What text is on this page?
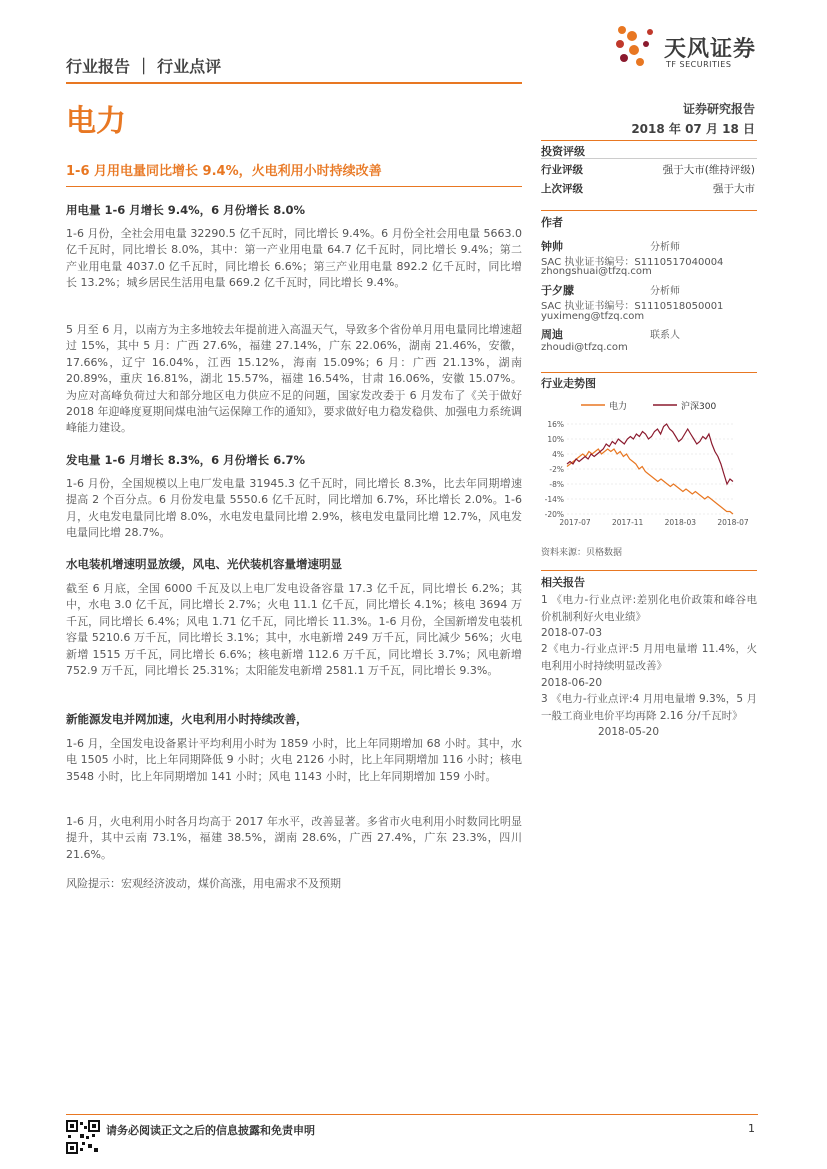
行业报告 ｜ 行业点评
天风证券
TF SECURITIES
电力	证券研究报告
2018 年 07 月 18 日
1-6 月用电量同比增长 9.4%，火电利用小时持续改善
用电量 1-6 月增长 9.4%，6 月份增长 8.0%
1-6 月份，全社会用电量 32290.5 亿千瓦时，同比增长 9.4%。6 月份全社会用电量 5663.0 亿千瓦时，同比增长 8.0%，其中：第一产业用电量 64.7 亿千瓦时，同比增长 9.4%；第二产业用电量 4037.0 亿千瓦时，同比增长 6.6%；第三产业用电量 892.2 亿千瓦时，同比增长 13.2%；城乡居民生活用电量 669.2 亿千瓦时，同比增长 9.4%。
5 月至 6 月，以南方为主多地较去年提前进入高温天气，导致多个省份单月用电量同比增速超过 15%，其中 5 月：广西 27.6%，福建 27.14%，广东 22.06%，湖南 21.46%，安徽，17.66%，辽宁 16.04%，江西 15.12%，海南 15.09%；6 月：广西 21.13%，湖南 20.89%，重庆 16.81%，湖北 15.57%，福建 16.54%，甘肃 16.06%，安徽 15.07%。为应对高峰负荷过大和部分地区电力供应不足的问题，国家发改委于 6 月发布了《关于做好 2018 年迎峰度夏期间煤电油气运保障工作的通知》，要求做好电力稳发稳供、加强电力系统调峰能力建设。
发电量 1-6 月增长 8.3%，6 月份增长 6.7%
1-6 月份，全国规模以上电厂发电量 31945.3 亿千瓦时，同比增长 8.3%，比去年同期增速提高 2 个百分点。6 月份发电量 5550.6 亿千瓦时，同比增加 6.7%，环比增长 2.0%。1-6 月，火电发电量同比增 8.0%，水电发电量同比增 2.9%，核电发电量同比增 12.7%，风电发电量同比增 28.7%。
水电装机增速明显放缓，风电、光伏装机容量增速明显
截至 6 月底，全国 6000 千瓦及以上电厂发电设备容量 17.3 亿千瓦，同比增长 6.2%；其中，水电 3.0 亿千瓦，同比增长 2.7%；火电 11.1 亿千瓦，同比增长 4.1%；核电 3694 万千瓦，同比增长 6.4%；风电 1.71 亿千瓦，同比增长 11.3%。1-6 月份，全国新增发电装机容量 5210.6 万千瓦，同比增长 3.1%；其中，水电新增 249 万千瓦，同比减少 56%；火电新增 1515 万千瓦，同比增长 6.6%；核电新增 112.6 万千瓦，同比增长 3.7%；风电新增 752.9 万千瓦，同比增长 25.31%；太阳能发电新增 2581.1 万千瓦，同比增长 9.3%。
新能源发电并网加速，火电利用小时持续改善，
1-6 月，全国发电设备累计平均利用小时为 1859 小时，比上年同期增加 68 小时。其中，水电 1505 小时，比上年同期降低 9 小时；火电 2126 小时，比上年同期增加 116 小时；核电 3548 小时，比上年同期增加 141 小时；风电 1143 小时，比上年同期增加 159 小时。
1-6 月，火电利用小时各月均高于 2017 年水平，改善显著。多省市火电利用小时数同比明显提升，其中云南 73.1%，福建 38.5%，湖南 28.6%，广西 27.4%，广东 23.3%，四川 21.6%。
风险提示：宏观经济波动，煤价高涨，用电需求不及预期
投资评级
行业评级	强于大市(维持评级)
上次评级	强于大市
作者
钟帅	分析师
SAC 执业证书编号：S1110517040004
zhongshuai@tfzq.com
于夕朦	分析师
SAC 执业证书编号：S1110518050001
yuximeng@tfzq.com
周迪	联系人
zhoudi@tfzq.com
行业走势图
电力	沪深300
16%
10%
4%
-2%
-8%
-14%
-20%
2017-07	2017-11	2018-03	2018-07
资料来源：贝格数据
相关报告
1 《电力-行业点评:差别化电价政策和峰谷电价机制利好火电业绩》
2018-07-03
2《电力-行业点评:5 月用电量增 11.4%，火电利用小时持续明显改善》
2018-06-20
3 《电力-行业点评:4 月用电量增 9.3%，5 月一般工商业电价平均再降 2.16 分/千瓦时》
2018-05-20
请务必阅读正文之后的信息披露和免责申明	1
